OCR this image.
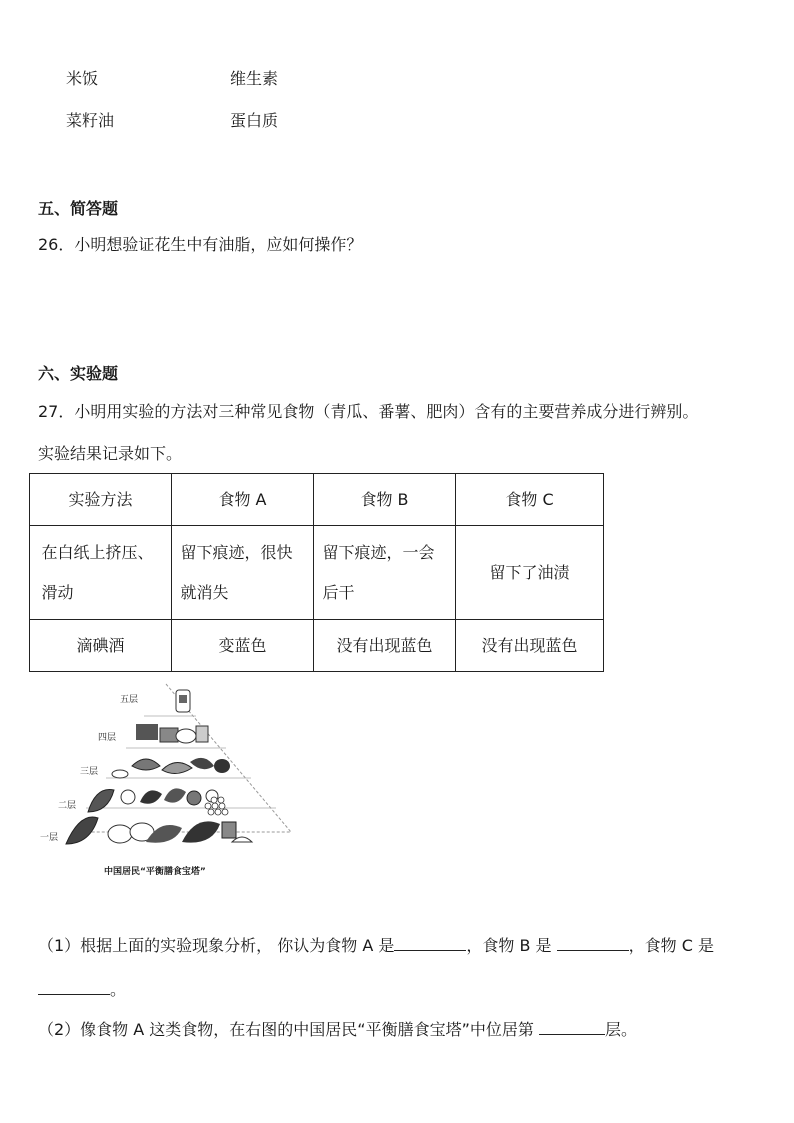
米饭	维生素
菜籽油	蛋白质
五、简答题
26．小明想验证花生中有油脂，应如何操作？
六、实验题
27．小明用实验的方法对三种常见食物（青瓜、番薯、肥肉）含有的主要营养成分进行辨别。
实验结果记录如下。
实验方法	食物 A	食物 B	食物 C

在白纸上挤压、滑动	留下痕迹，很快就消失	留下痕迹，一会后干	留下了油渍
滴碘酒	变蓝色	没有出现蓝色	没有出现蓝色
五层
四层
三层
二层
一层
中国居民“平衡膳食宝塔”
（1）根据上面的实验现象分析， 你认为食物 A 是	，食物 B 是	，食物 C 是
。
（2）像食物 A 这类食物，在右图的中国居民“平衡膳食宝塔”中位居第	层。
